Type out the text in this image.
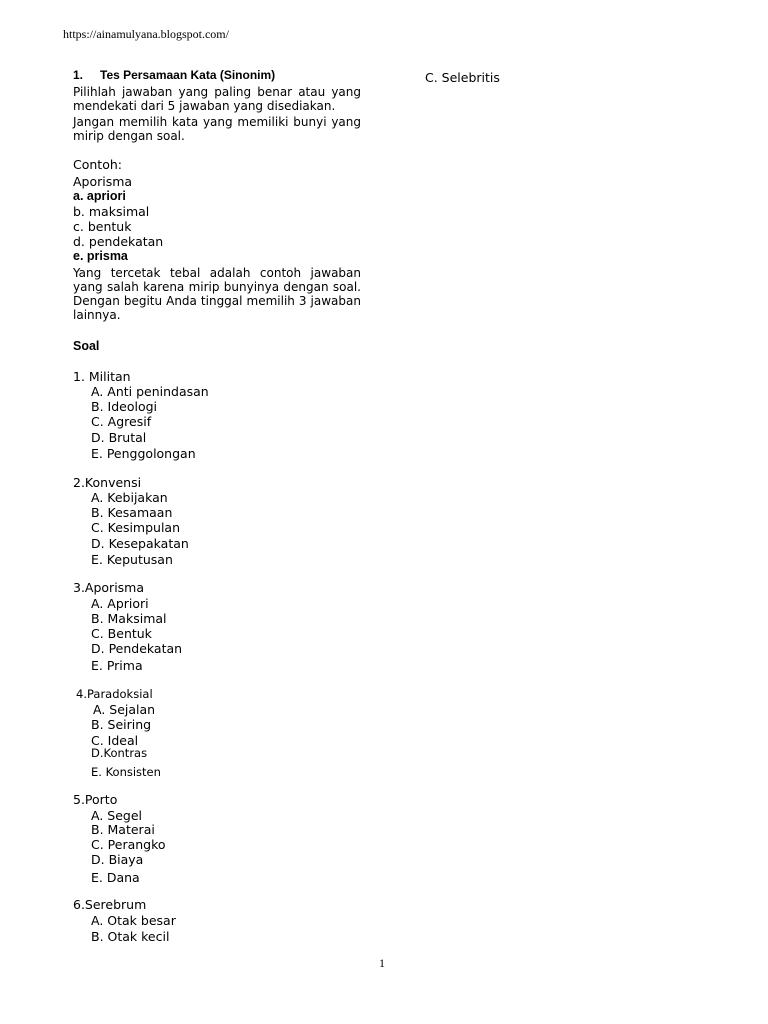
https://ainamulyana.blogspot.com/
1. Tes Persamaan Kata (Sinonim)
Pilihlah jawaban yang paling benar atau yang mendekati dari 5 jawaban yang disediakan.
Jangan memilih kata yang memiliki bunyi yang mirip dengan soal.
Contoh:
Aporisma
a. apriori
b. maksimal
c. bentuk
d. pendekatan
e. prisma
Yang tercetak tebal adalah contoh jawaban yang salah karena mirip bunyinya dengan soal. Dengan begitu Anda tinggal memilih 3 jawaban lainnya.
Soal
1. Militan
A. Anti penindasan
B. Ideologi
C. Agresif
D. Brutal
E. Penggolongan
2.Konvensi
A. Kebijakan
B. Kesamaan
C. Kesimpulan
D. Kesepakatan
E. Keputusan
3.Aporisma
A. Apriori
B. Maksimal
C. Bentuk
D. Pendekatan
E. Prima
4.Paradoksial
A. Sejalan
B. Seiring
C. Ideal
D.Kontras
E. Konsisten
5.Porto
A. Segel
B. Materai
C. Perangko
D. Biaya
E. Dana
6.Serebrum
A. Otak besar
B. Otak kecil
C. Selebritis
1
